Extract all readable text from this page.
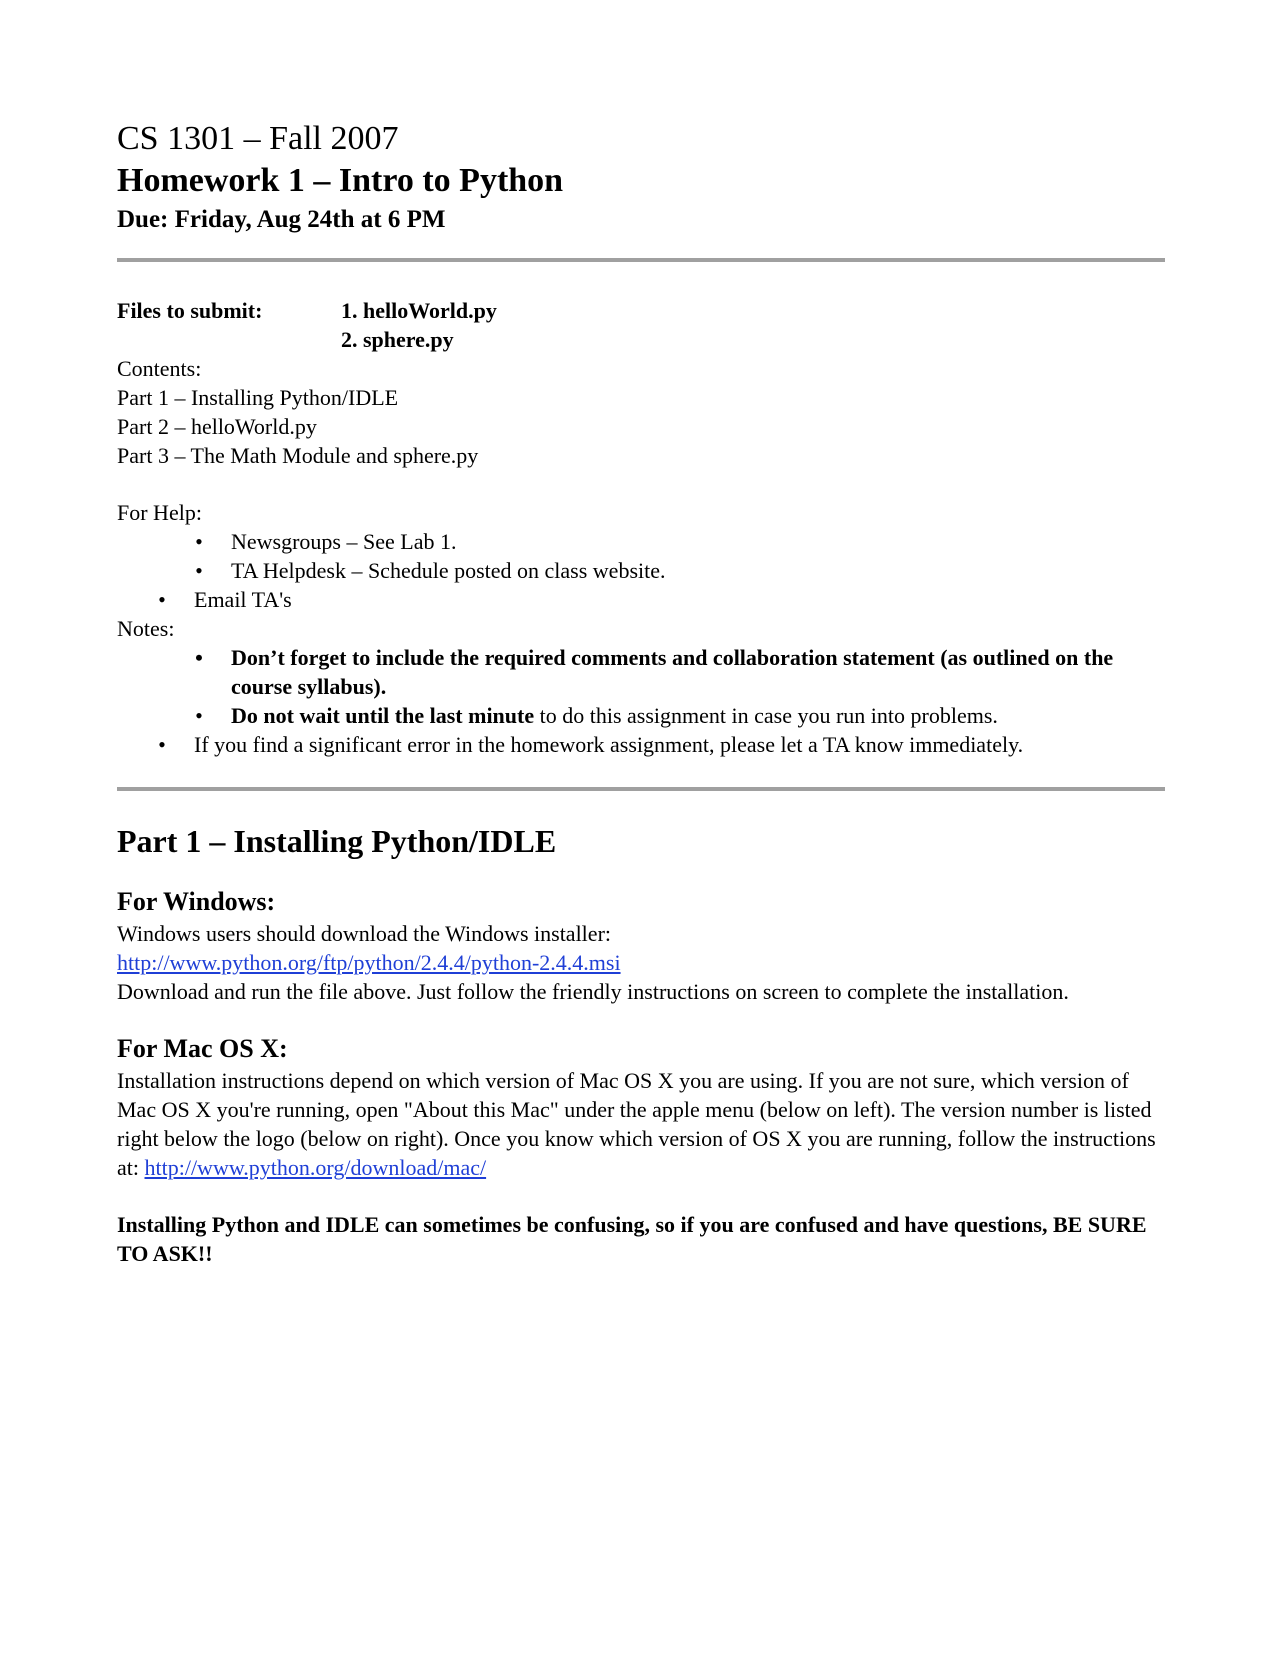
CS 1301 – Fall 2007
Homework 1 – Intro to Python
Due: Friday, Aug 24th at 6 PM
Files to submit:	1. helloWorld.py
2. sphere.py
Contents:
Part 1 – Installing Python/IDLE
Part 2 – helloWorld.py
Part 3 – The Math Module and sphere.py
For Help:
• Newsgroups – See Lab 1.
• TA Helpdesk – Schedule posted on class website.
• Email TA's
Notes:
• Don’t forget to include the required comments and collaboration statement (as outlined on the course syllabus).
• Do not wait until the last minute to do this assignment in case you run into problems.
• If you find a significant error in the homework assignment, please let a TA know immediately.
Part 1 – Installing Python/IDLE
For Windows:
Windows users should download the Windows installer:
http://www.python.org/ftp/python/2.4.4/python-2.4.4.msi
Download and run the file above. Just follow the friendly instructions on screen to complete the installation.
For Mac OS X:
Installation instructions depend on which version of Mac OS X you are using. If you are not sure, which version of Mac OS X you're running, open "About this Mac" under the apple menu (below on left). The version number is listed right below the logo (below on right). Once you know which version of OS X you are running, follow the instructions at: http://www.python.org/download/mac/
Installing Python and IDLE can sometimes be confusing, so if you are confused and have questions, BE SURE TO ASK!!
